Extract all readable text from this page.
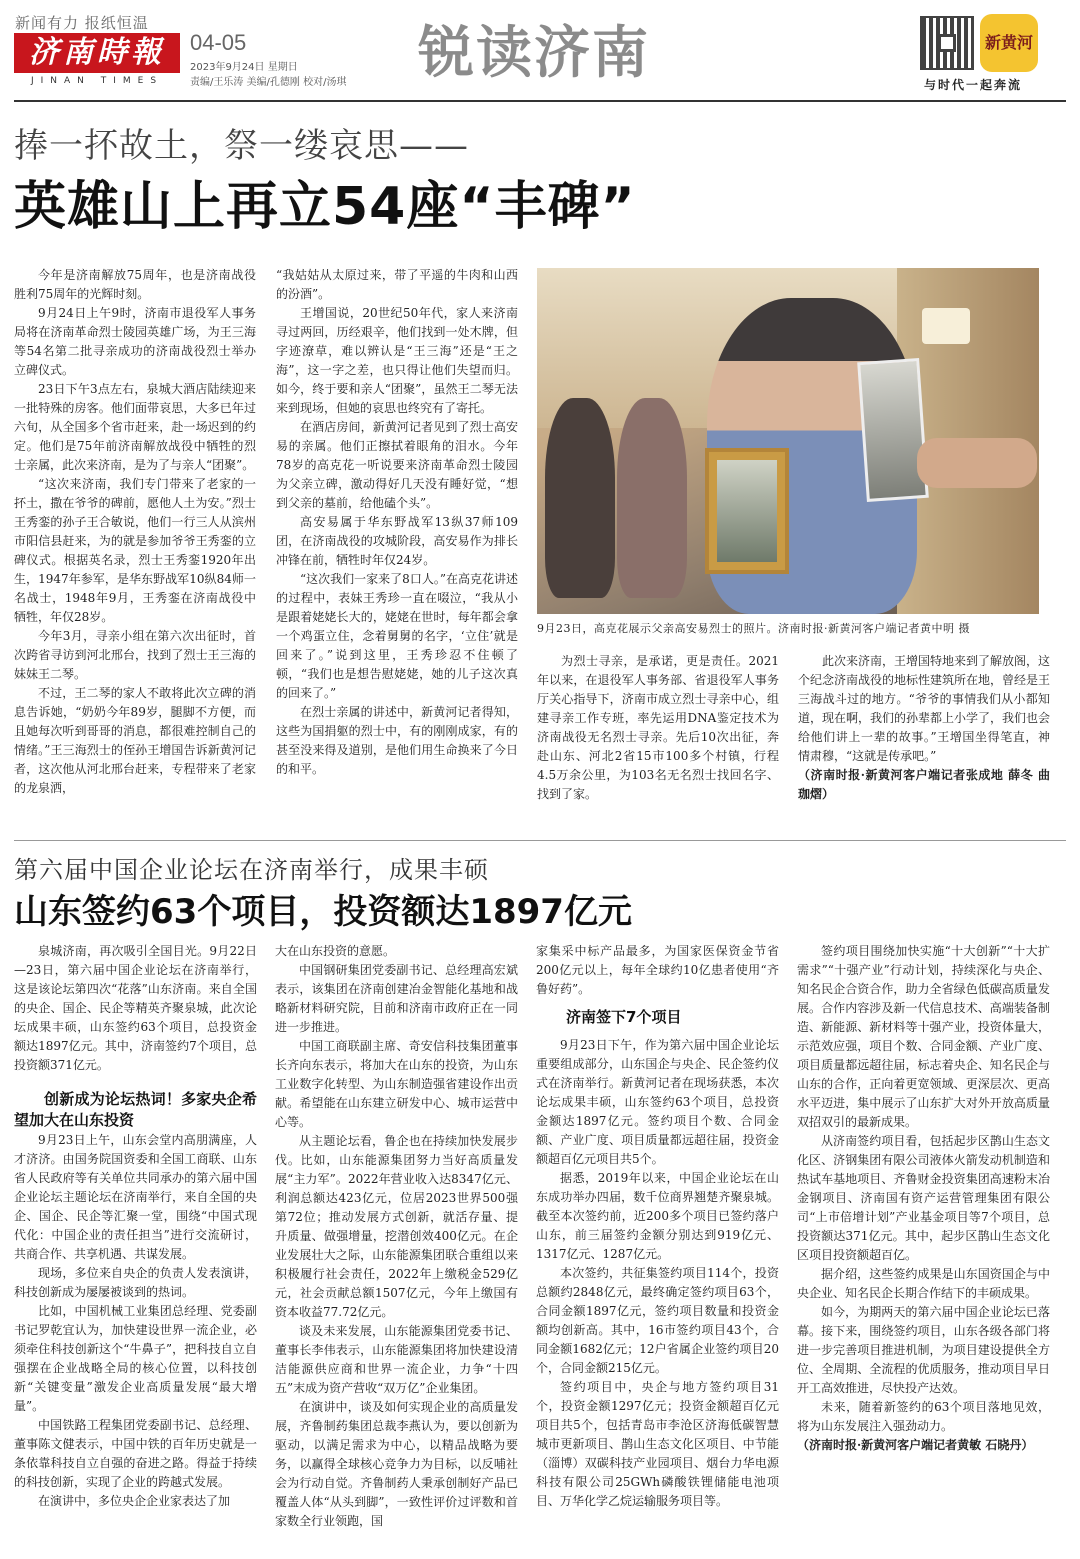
新闻有力 报纸恒温
济南時報
JINAN TIMES
04-05
2023年9月24日 星期日
责编/王乐涛 美编/孔德刚 校对/汤琪 锐读济南	新黄河
与时代一起奔流
捧一抔故土，祭一缕哀思——
英雄山上再立54座“丰碑”

今年是济南解放75周年，也是济南战役胜利75周年的光辉时刻。

9月24日上午9时，济南市退役军人事务局将在济南革命烈士陵园英雄广场，为王三海等54名第二批寻亲成功的济南战役烈士举办立碑仪式。

23日下午3点左右，泉城大酒店陆续迎来一批特殊的房客。他们面带哀思，大多已年过六旬，从全国多个省市赶来，赴一场迟到的约定。他们是75年前济南解放战役中牺牲的烈士亲属，此次来济南，是为了与亲人“团聚”。

“这次来济南，我们专门带来了老家的一抔土，撒在爷爷的碑前，愿他人土为安。”烈士王秀銮的孙子王合敏说，他们一行三人从滨州市阳信县赶来，为的就是参加爷爷王秀銮的立碑仪式。根据英名录，烈士王秀銮1920年出生，1947年参军，是华东野战军10纵84师一名战士，1948年9月，王秀銮在济南战役中牺牲，年仅28岁。

今年3月，寻亲小组在第六次出征时，首次跨省寻访到河北邢台，找到了烈士王三海的妹妹王二琴。

不过，王二琴的家人不敢将此次立碑的消息告诉她，“奶奶今年89岁，腿脚不方便，而且她每次听到哥哥的消息，都很难控制自己的情绪。”王三海烈士的侄孙王增国告诉新黄河记者，这次他从河北邢台赶来，专程带来了老家的龙泉洒，

“我姑姑从太原过来，带了平遥的牛肉和山西的汾酒”。

王增国说，20世纪50年代，家人来济南寻过两回，历经艰辛，他们找到一处木牌，但字迹潦草，难以辨认是“王三海”还是“王之海”，这一字之差，也只得让他们失望而归。如今，终于要和亲人“团聚”，虽然王二琴无法来到现场，但她的哀思也终究有了寄托。

在酒店房间，新黄河记者见到了烈士高安易的亲属。他们正擦拭着眼角的泪水。今年78岁的高克花一听说要来济南革命烈士陵园为父亲立碑，激动得好几天没有睡好觉，“想到父亲的墓前，给他磕个头”。

高安易属于华东野战军13纵37师109团，在济南战役的攻城阶段，高安易作为排长冲锋在前，牺牲时年仅24岁。

“这次我们一家来了8口人。”在高克花讲述的过程中，表妹王秀珍一直在啜泣，“我从小是跟着姥姥长大的，姥姥在世时，每年都会拿一个鸡蛋立住，念着舅舅的名字，‘立住’就是回来了。”说到这里，王秀珍忍不住顿了顿，“我们也是想告慰姥姥，她的儿子这次真的回来了。”

在烈士亲属的讲述中，新黄河记者得知，这些为国捐躯的烈士中，有的刚刚成家，有的甚至没来得及道别，是他们用生命换来了今日的和平。

9月23日，高克花展示父亲高安易烈士的照片。济南时报·新黄河客户端记者黄中明 摄

为烈士寻亲，是承诺，更是责任。2021年以来，在退役军人事务部、省退役军人事务厅关心指导下，济南市成立烈士寻亲中心，组建寻亲工作专班，率先运用DNA鉴定技术为济南战役无名烈士寻亲。先后10次出征，奔赴山东、河北2省15市100多个村镇，行程4.5万余公里，为103名无名烈士找回名字、找到了家。

此次来济南，王增国特地来到了解放阁，这个纪念济南战役的地标性建筑所在地，曾经是王三海战斗过的地方。“爷爷的事情我们从小都知道，现在啊，我们的孙辈都上小学了，我们也会给他们讲上一辈的故事。”王增国坐得笔直，神情肃穆，“这就是传承吧。”

（济南时报·新黄河客户端记者张成地 薛冬 曲珈熠）

第六届中国企业论坛在济南举行，成果丰硕
山东签约63个项目，投资额达1897亿元

泉城济南，再次吸引全国目光。9月22日—23日，第六届中国企业论坛在济南举行，这是该论坛第四次“花落”山东济南。来自全国的央企、国企、民企等精英齐聚泉城，此次论坛成果丰硕，山东签约63个项目，总投资金额达1897亿元。其中，济南签约7个项目，总投资额371亿元。

创新成为论坛热词！多家央企希望加大在山东投资

9月23日上午，山东会堂内高朋满座，人才济济。由国务院国资委和全国工商联、山东省人民政府等有关单位共同承办的第六届中国企业论坛主题论坛在济南举行，来自全国的央企、国企、民企等汇聚一堂，围绕“中国式现代化：中国企业的责任担当”进行交流研讨，共商合作、共享机遇、共谋发展。

现场，多位来自央企的负责人发表演讲，科技创新成为屡屡被谈到的热词。

比如，中国机械工业集团总经理、党委副书记罗乾宜认为，加快建设世界一流企业，必须牵住科技创新这个“牛鼻子”，把科技自立自强摆在企业战略全局的核心位置，以科技创新“关键变量”激发企业高质量发展“最大增量”。

中国铁路工程集团党委副书记、总经理、董事陈文健表示，中国中铁的百年历史就是一条依靠科技自立自强的奋进之路。得益于持续的科技创新，实现了企业的跨越式发展。

在演讲中，多位央企企业家表达了加

大在山东投资的意愿。

中国钢研集团党委副书记、总经理高宏斌表示，该集团在济南创建冶金智能化基地和战略新材料研究院，目前和济南市政府正在一同进一步推进。

中国工商联副主席、奇安信科技集团董事长齐向东表示，将加大在山东的投资，为山东工业数字化转型、为山东制造强省建设作出贡献。希望能在山东建立研发中心、城市运营中心等。

从主题论坛看，鲁企也在持续加快发展步伐。比如，山东能源集团努力当好高质量发展“主力军”。2022年营业收入达8347亿元、利润总额达423亿元，位居2023世界500强第72位；推动发展方式创新，就活存量、提升质量、做强增量，挖潜创效400亿元。在企业发展壮大之际，山东能源集团联合重组以来积极履行社会责任，2022年上缴税金529亿元，社会贡献总额1507亿元，今年上缴国有资本收益77.72亿元。

谈及未来发展，山东能源集团党委书记、董事长李伟表示，山东能源集团将加快建设清洁能源供应商和世界一流企业，力争“十四五”末成为资产营收“双万亿”企业集团。

在演讲中，谈及如何实现企业的高质量发展，齐鲁制药集团总裁李燕认为，要以创新为驱动，以满足需求为中心，以精品战略为要务，以赢得全球核心竞争力为目标，以反哺社会为行动自觉。齐鲁制药人秉承创制好产品已覆盖人体“从头到脚”，一致性评价过评数和首家数全行业领跑，国

家集采中标产品最多，为国家医保资金节省200亿元以上，每年全球约10亿患者使用“齐鲁好药”。

济南签下7个项目

9月23日下午，作为第六届中国企业论坛重要组成部分，山东国企与央企、民企签约仪式在济南举行。新黄河记者在现场获悉，本次论坛成果丰硕，山东签约63个项目，总投资金额达1897亿元。签约项目个数、合同金额、产业广度、项目质量都远超往届，投资金额超百亿元项目共5个。

据悉，2019年以来，中国企业论坛在山东成功举办四届，数千位商界翘楚齐聚泉城。截至本次签约前，近200多个项目已签约落户山东，前三届签约金额分别达到919亿元、1317亿元、1287亿元。

本次签约，共征集签约项目114个，投资总额约2848亿元，最终确定签约项目63个，合同金额1897亿元，签约项目数量和投资金额均创新高。其中，16市签约项目43个，合同金额1682亿元；12户省属企业签约项目20个，合同金额215亿元。

签约项目中，央企与地方签约项目31个，投资金额1297亿元；投资金额超百亿元项目共5个，包括青岛市李沧区济海低碳智慧城市更新项目、鹊山生态文化区项目、中节能（淄博）双碳科技产业园项目、烟台力华电源科技有限公司25GWh磷酸铁锂储能电池项目、万华化学乙烷运输服务项目等。

签约项目围绕加快实施“十大创新”“十大扩需求”“十强产业”行动计划，持续深化与央企、知名民企合资合作，助力全省绿色低碳高质量发展。合作内容涉及新一代信息技术、高端装备制造、新能源、新材料等十强产业，投资体量大，示范效应强，项目个数、合同金额、产业广度、项目质量都远超往届，标志着央企、知名民企与山东的合作，正向着更宽领域、更深层次、更高水平迈进，集中展示了山东扩大对外开放高质量双招双引的最新成果。

从济南签约项目看，包括起步区鹊山生态文化区、济钢集团有限公司液体火箭发动机制造和热试车基地项目、齐鲁财金投资集团高速粉末冶金钢项目、济南国有资产运营管理集团有限公司“上市倍增计划”产业基金项目等7个项目，总投资额达371亿元。其中，起步区鹊山生态文化区项目投资额超百亿。

据介绍，这些签约成果是山东国资国企与中央企业、知名民企长期合作结下的丰硕成果。

如今，为期两天的第六届中国企业论坛已落幕。接下来，围绕签约项目，山东各级各部门将进一步完善项目推进机制，为项目建设提供全方位、全周期、全流程的优质服务，推动项目早日开工高效推进，尽快投产达效。

未来，随着新签约的63个项目落地见效，将为山东发展注入强劲动力。

（济南时报·新黄河客户端记者黄敏 石晓丹）
